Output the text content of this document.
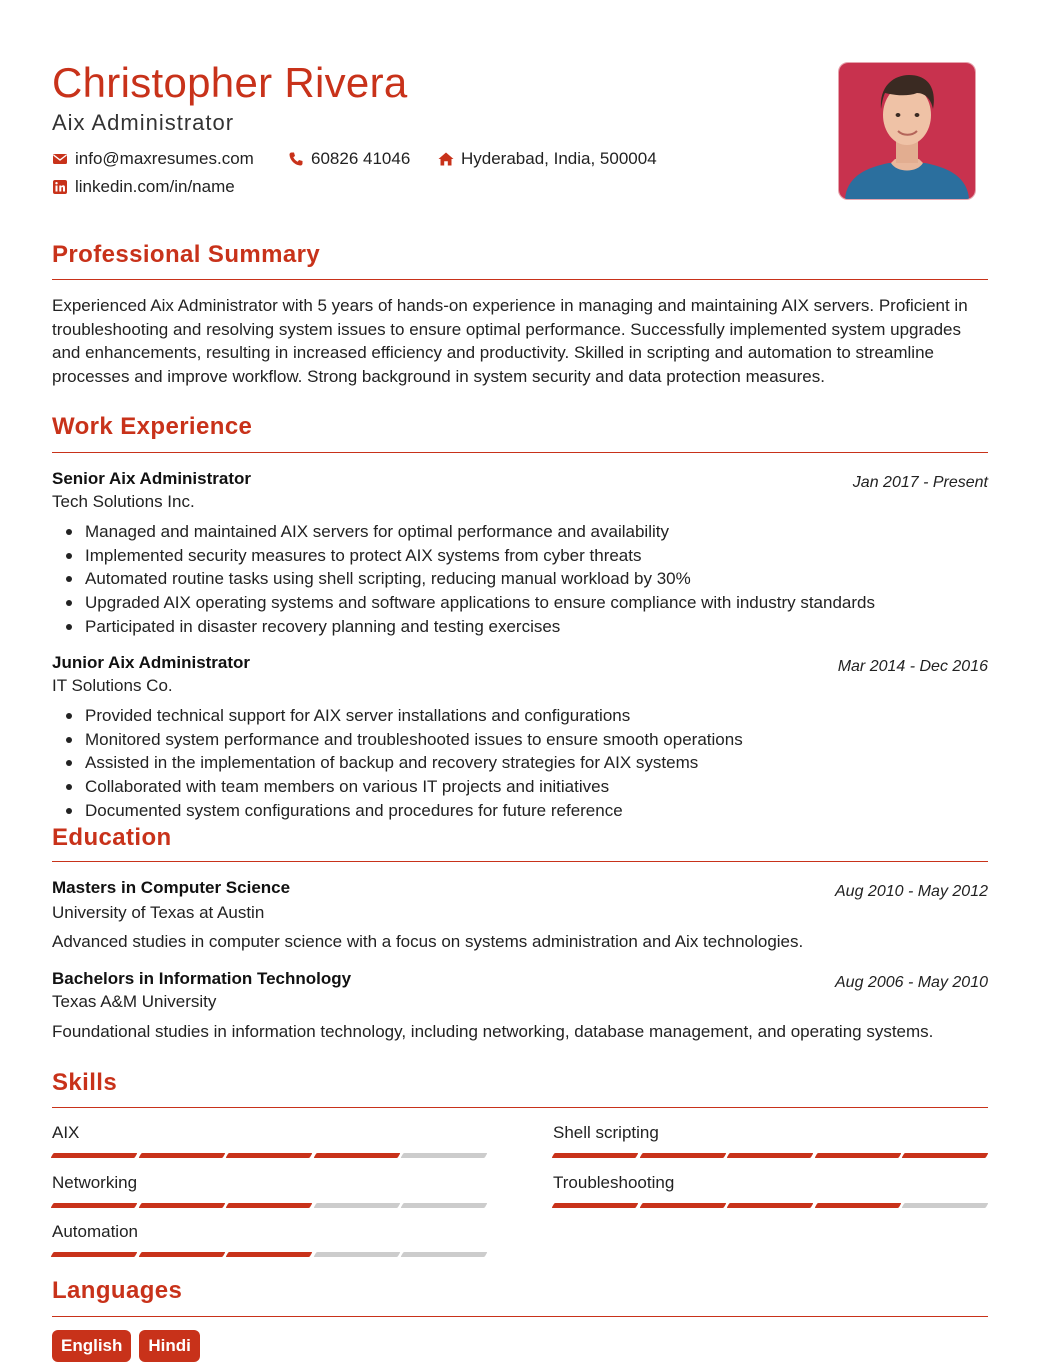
Christopher Rivera
Aix Administrator
info@maxresumes.com	60826 41046	Hyderabad, India, 500004
linkedin.com/in/name
Professional Summary

Experienced Aix Administrator with 5 years of hands-on experience in managing and maintaining AIX servers. Proficient in troubleshooting and resolving system issues to ensure optimal performance. Successfully implemented system upgrades and enhancements, resulting in increased efficiency and productivity. Skilled in scripting and automation to streamline processes and improve workflow. Strong background in system security and data protection measures.

Work Experience
Senior Aix Administrator	Jan 2017 - Present
Tech Solutions Inc.
Managed and maintained AIX servers for optimal performance and availability
Implemented security measures to protect AIX systems from cyber threats
Automated routine tasks using shell scripting, reducing manual workload by 30%
Upgraded AIX operating systems and software applications to ensure compliance with industry standards
Participated in disaster recovery planning and testing exercises
Junior Aix Administrator	Mar 2014 - Dec 2016
IT Solutions Co.
Provided technical support for AIX server installations and configurations
Monitored system performance and troubleshooted issues to ensure smooth operations
Assisted in the implementation of backup and recovery strategies for AIX systems
Collaborated with team members on various IT projects and initiatives
Documented system configurations and procedures for future reference
Education
Masters in Computer Science	Aug 2010 - May 2012
University of Texas at Austin

Advanced studies in computer science with a focus on systems administration and Aix technologies.

Bachelors in Information Technology	Aug 2006 - May 2010
Texas A&M University

Foundational studies in information technology, including networking, database management, and operating systems.

Skills
AIX	Shell scripting
Networking	Troubleshooting
Automation
Languages
English	Hindi
